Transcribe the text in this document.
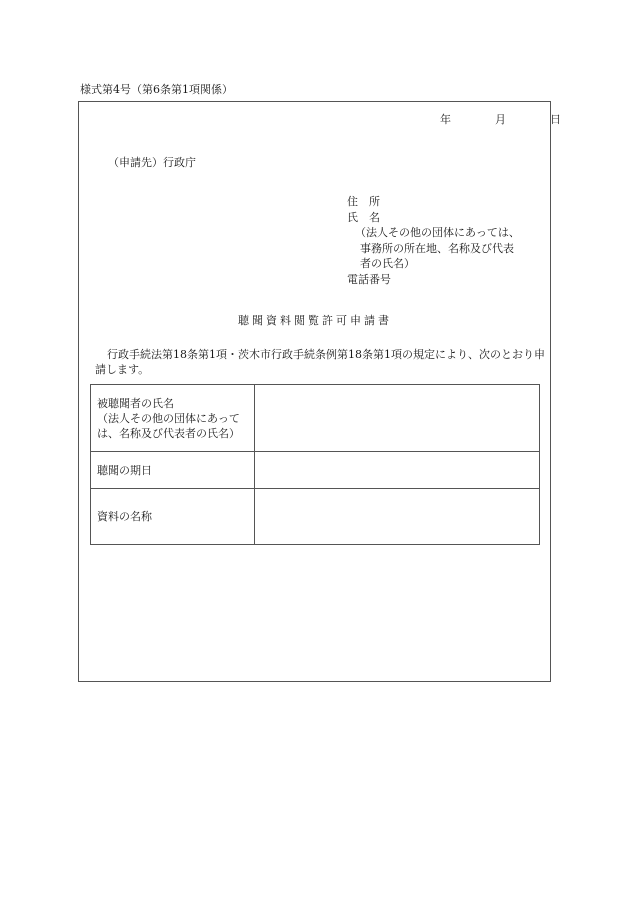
様式第4号（第6条第1項関係）
年	月	日
（申請先）行政庁
住　所
氏　名
（法人その他の団体にあっては、
事務所の所在地、名称及び代表
者の氏名）
電話番号
聴聞資料閲覧許可申請書
行政手続法第18条第1項・茨木市行政手続条例第18条第1項の規定により、次のとおり申請します。
被聴聞者の氏名
（法人その他の団体にあって
は、名称及び代表者の氏名）	

聴聞の期日	
資料の名称	
